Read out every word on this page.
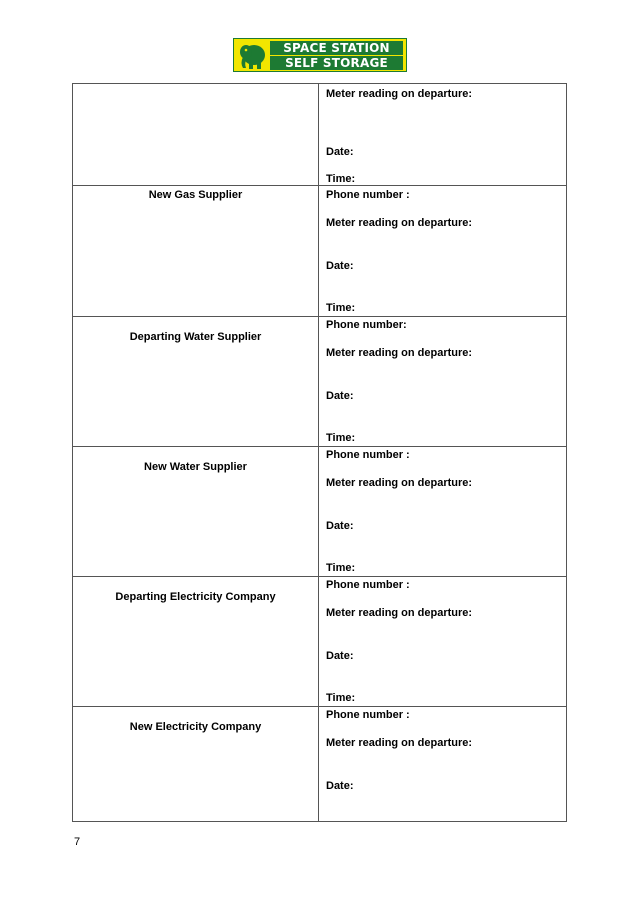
SPACE STATION
SELF STORAGE

	Meter reading on departure:
Date:
Time:

New Gas Supplier	Phone number :
Meter reading on departure:
Date:
Time:

Departing Water Supplier	Phone number:
Meter reading on departure:
Date:
Time:

New Water Supplier	Phone number :
Meter reading on departure:
Date:
Time:

Departing Electricity Company	Phone number :
Meter reading on departure:
Date:
Time:

New Electricity Company	Phone number :
Meter reading on departure:
Date:
7
